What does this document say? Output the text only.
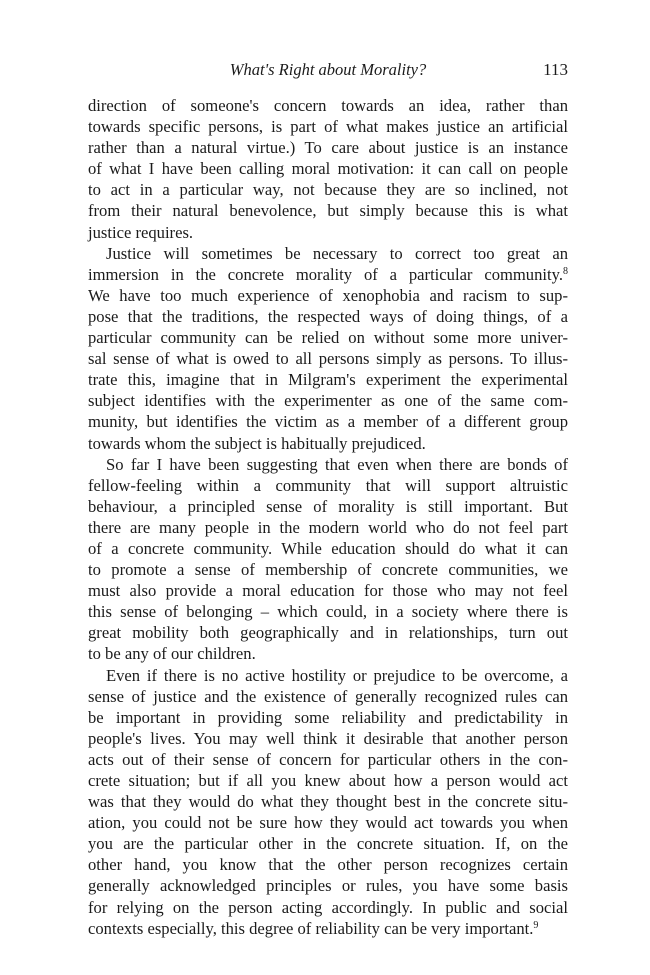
What's Right about Morality?	113

direction of someone's concern towards an idea, rather than
towards specific persons, is part of what makes justice an artificial
rather than a natural virtue.) To care about justice is an instance
of what I have been calling moral motivation: it can call on people
to act in a particular way, not because they are so inclined, not
from their natural benevolence, but simply because this is what
justice requires.

Justice will sometimes be necessary to correct too great an
immersion in the concrete morality of a particular community.$^8$
We have too much experience of xenophobia and racism to sup-
pose that the traditions, the respected ways of doing things, of a
particular community can be relied on without some more univer-
sal sense of what is owed to all persons simply as persons. To illus-
trate this, imagine that in Milgram's experiment the experimental
subject identifies with the experimenter as one of the same com-
munity, but identifies the victim as a member of a different group
towards whom the subject is habitually prejudiced.

So far I have been suggesting that even when there are bonds of
fellow-feeling within a community that will support altruistic
behaviour, a principled sense of morality is still important. But
there are many people in the modern world who do not feel part
of a concrete community. While education should do what it can
to promote a sense of membership of concrete communities, we
must also provide a moral education for those who may not feel
this sense of belonging – which could, in a society where there is
great mobility both geographically and in relationships, turn out
to be any of our children.

Even if there is no active hostility or prejudice to be overcome, a
sense of justice and the existence of generally recognized rules can
be important in providing some reliability and predictability in
people's lives. You may well think it desirable that another person
acts out of their sense of concern for particular others in the con-
crete situation; but if all you knew about how a person would act
was that they would do what they thought best in the concrete situ-
ation, you could not be sure how they would act towards you when
you are the particular other in the concrete situation. If, on the
other hand, you know that the other person recognizes certain
generally acknowledged principles or rules, you have some basis
for relying on the person acting accordingly. In public and social
contexts especially, this degree of reliability can be very important.$^9$
